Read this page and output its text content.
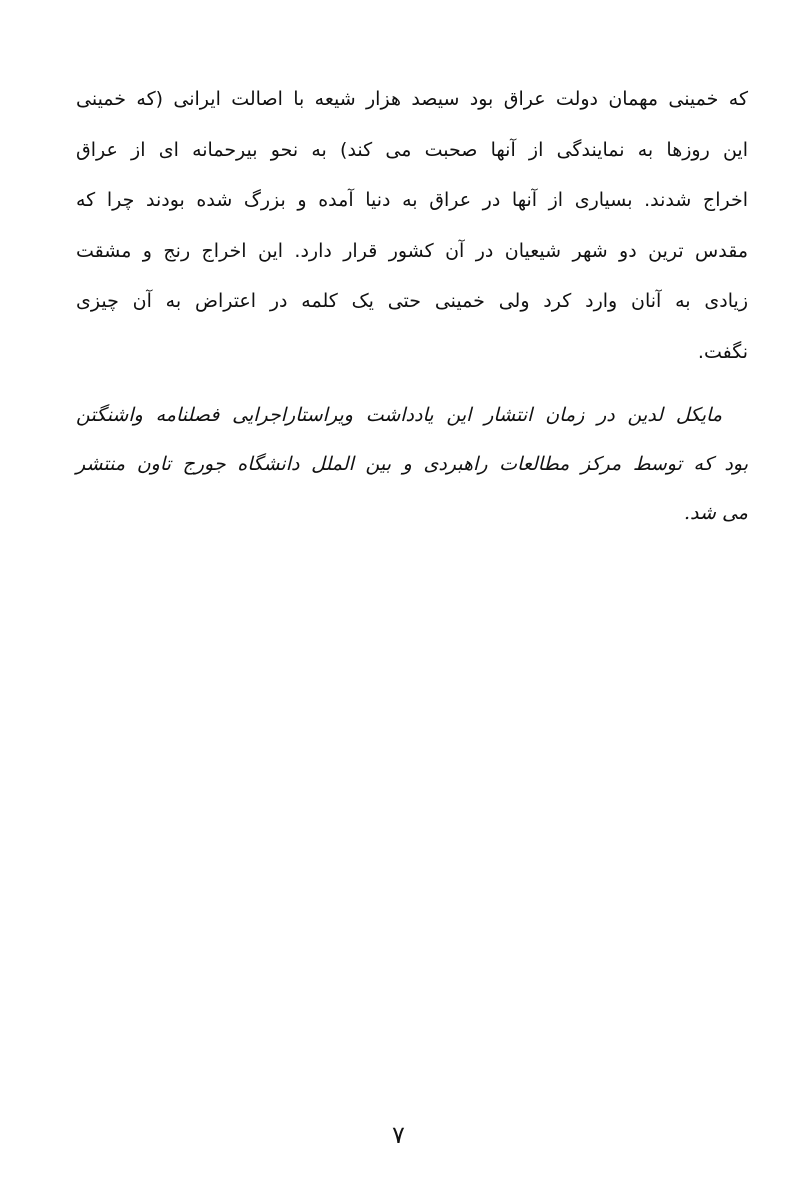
که خمینی مهمان دولت عراق بود سیصد هزار شیعه با اصالت ایرانی (که خمینی
این روزها به نمایندگی از آنها صحبت می کند) به نحو بیرحمانه ای از عراق
اخراج شدند. بسیاری از آنها در عراق به دنیا آمده و بزرگ شده بودند چرا که
مقدس ترین دو شهر شیعیان در آن کشور قرار دارد. این اخراج رنج و مشقت
زیادی به آنان وارد کرد ولی خمینی حتی یک کلمه در اعتراض به آن چیزی
نگفت.

مایکل لدین در زمان انتشار این یادداشت ویراستاراجرایی فصلنامه واشنگتن
بود که توسط مرکز مطالعات راهبردی و بین الملل دانشگاه جورج تاون منتشر
می شد.

۷
